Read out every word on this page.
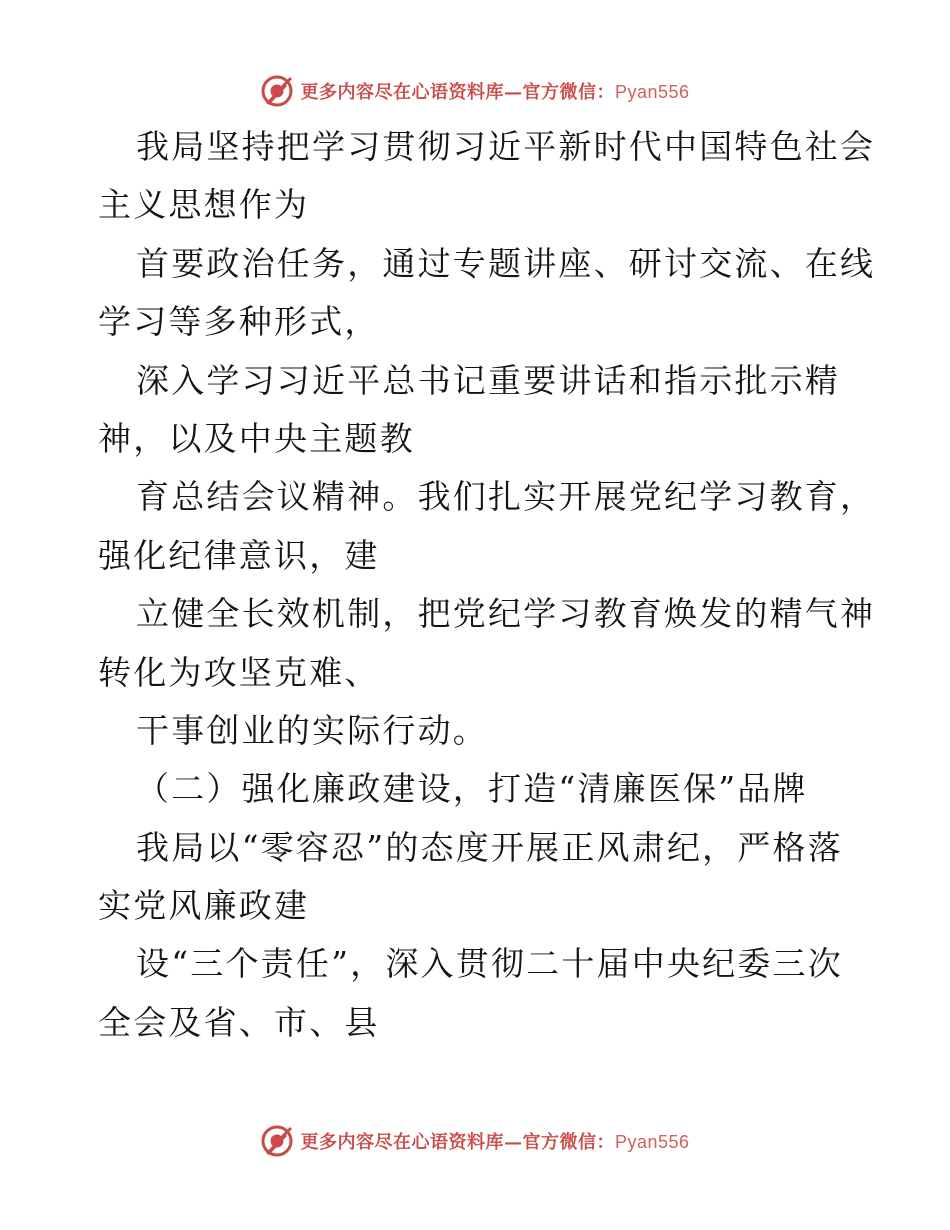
更多内容尽在心语资料库—官方微信：Pyan556
我局坚持把学习贯彻习近平新时代中国特色社会
主义思想作为
首要政治任务，通过专题讲座、研讨交流、在线
学习等多种形式，
深入学习习近平总书记重要讲话和指示批示精
神，以及中央主题教
育总结会议精神。我们扎实开展党纪学习教育，
强化纪律意识，建
立健全长效机制，把党纪学习教育焕发的精气神
转化为攻坚克难、
干事创业的实际行动。
（二）强化廉政建设，打造“清廉医保”品牌
我局以“零容忍”的态度开展正风肃纪，严格落
实党风廉政建
设“三个责任”，深入贯彻二十届中央纪委三次
全会及省、市、县
更多内容尽在心语资料库—官方微信：Pyan556
